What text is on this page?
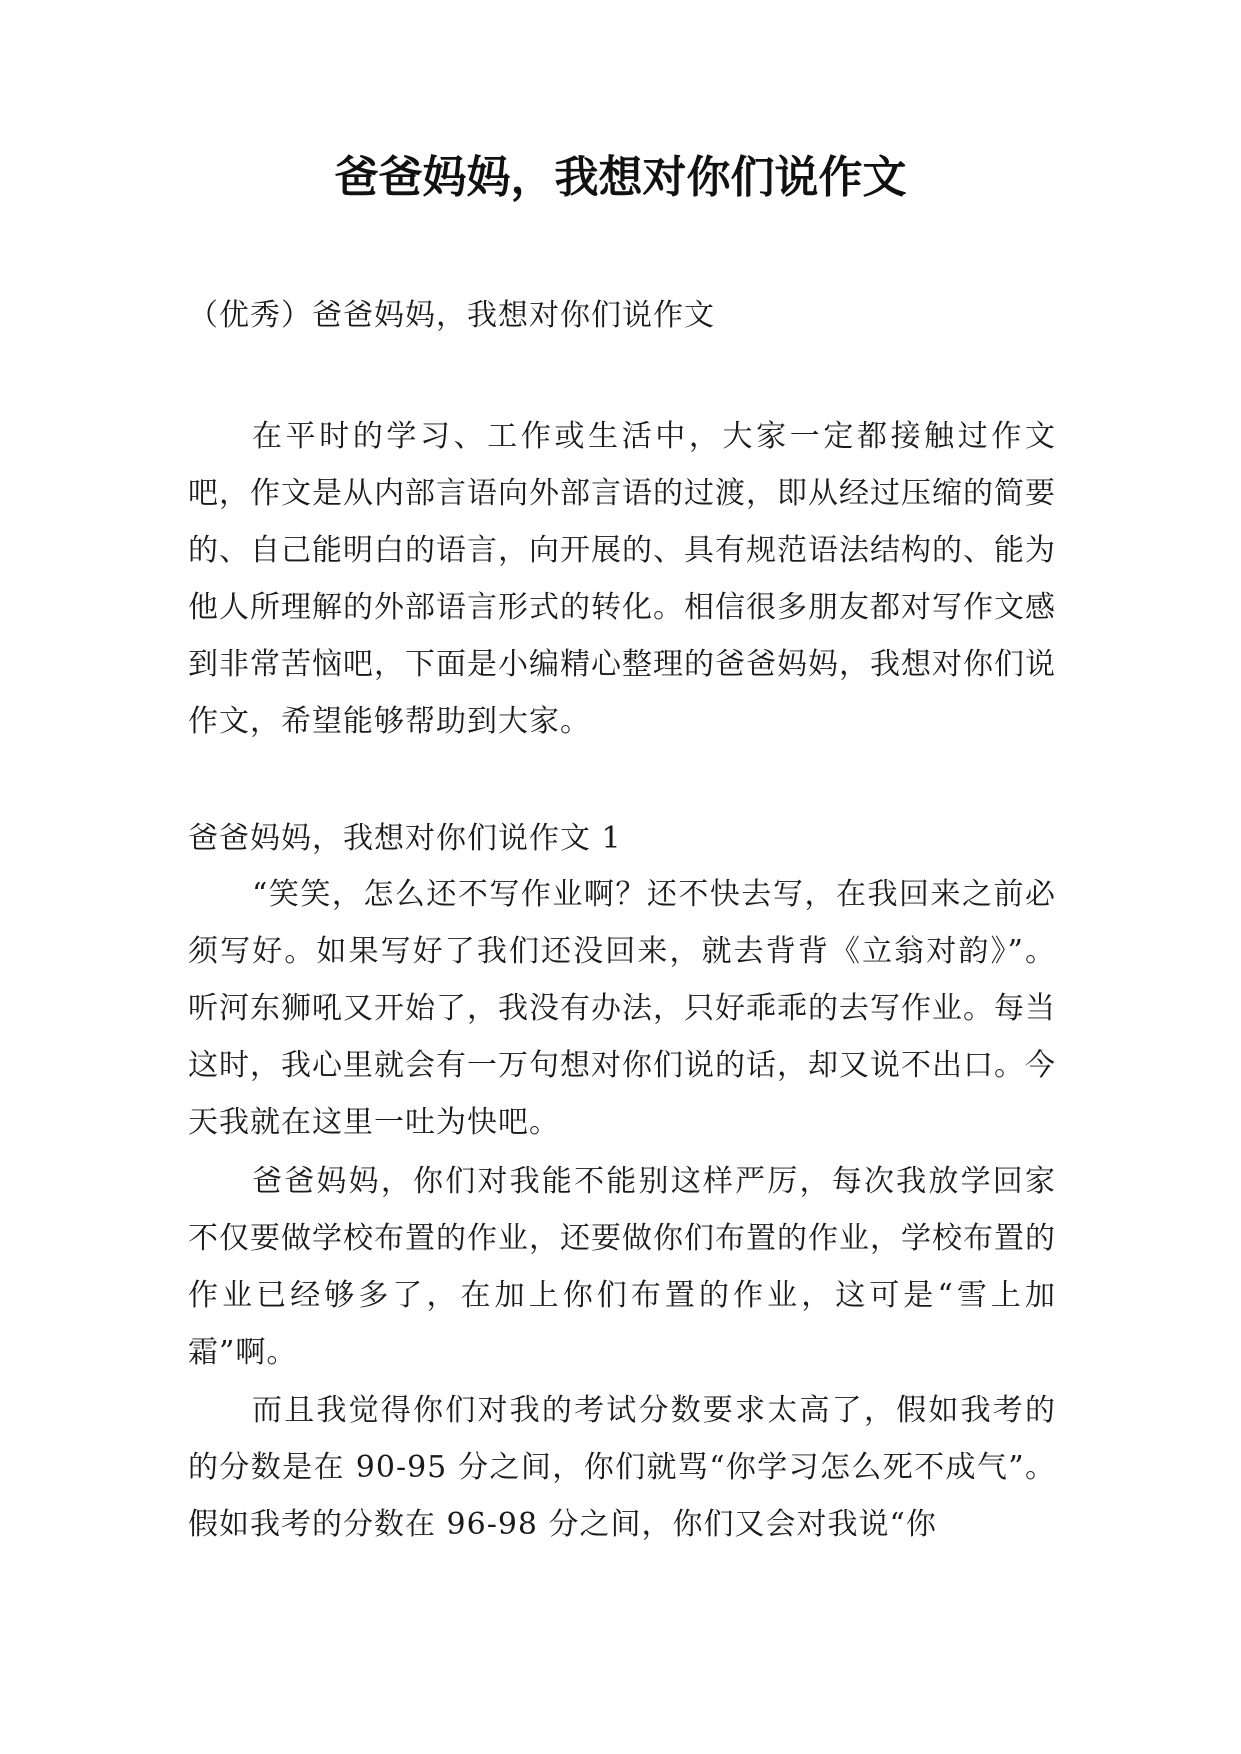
爸爸妈妈，我想对你们说作文
（优秀）爸爸妈妈，我想对你们说作文

在平时的学习、工作或生活中，大家一定都接触过作文吧，作文是从内部言语向外部言语的过渡，即从经过压缩的简要的、自己能明白的语言，向开展的、具有规范语法结构的、能为他人所理解的外部语言形式的转化。相信很多朋友都对写作文感到非常苦恼吧，下面是小编精心整理的爸爸妈妈，我想对你们说作文，希望能够帮助到大家。

爸爸妈妈，我想对你们说作文 1

“笑笑，怎么还不写作业啊？还不快去写，在我回来之前必须写好。如果写好了我们还没回来，就去背背《立翁对韵》”。听河东狮吼又开始了，我没有办法，只好乖乖的去写作业。每当这时，我心里就会有一万句想对你们说的话，却又说不出口。今天我就在这里一吐为快吧。

爸爸妈妈，你们对我能不能别这样严厉，每次我放学回家不仅要做学校布置的作业，还要做你们布置的作业，学校布置的作业已经够多了，在加上你们布置的作业，这可是“雪上加霜”啊。

而且我觉得你们对我的考试分数要求太高了，假如我考的的分数是在 90-95 分之间，你们就骂“你学习怎么死不成气”。假如我考的分数在 96-98 分之间，你们又会对我说“你
